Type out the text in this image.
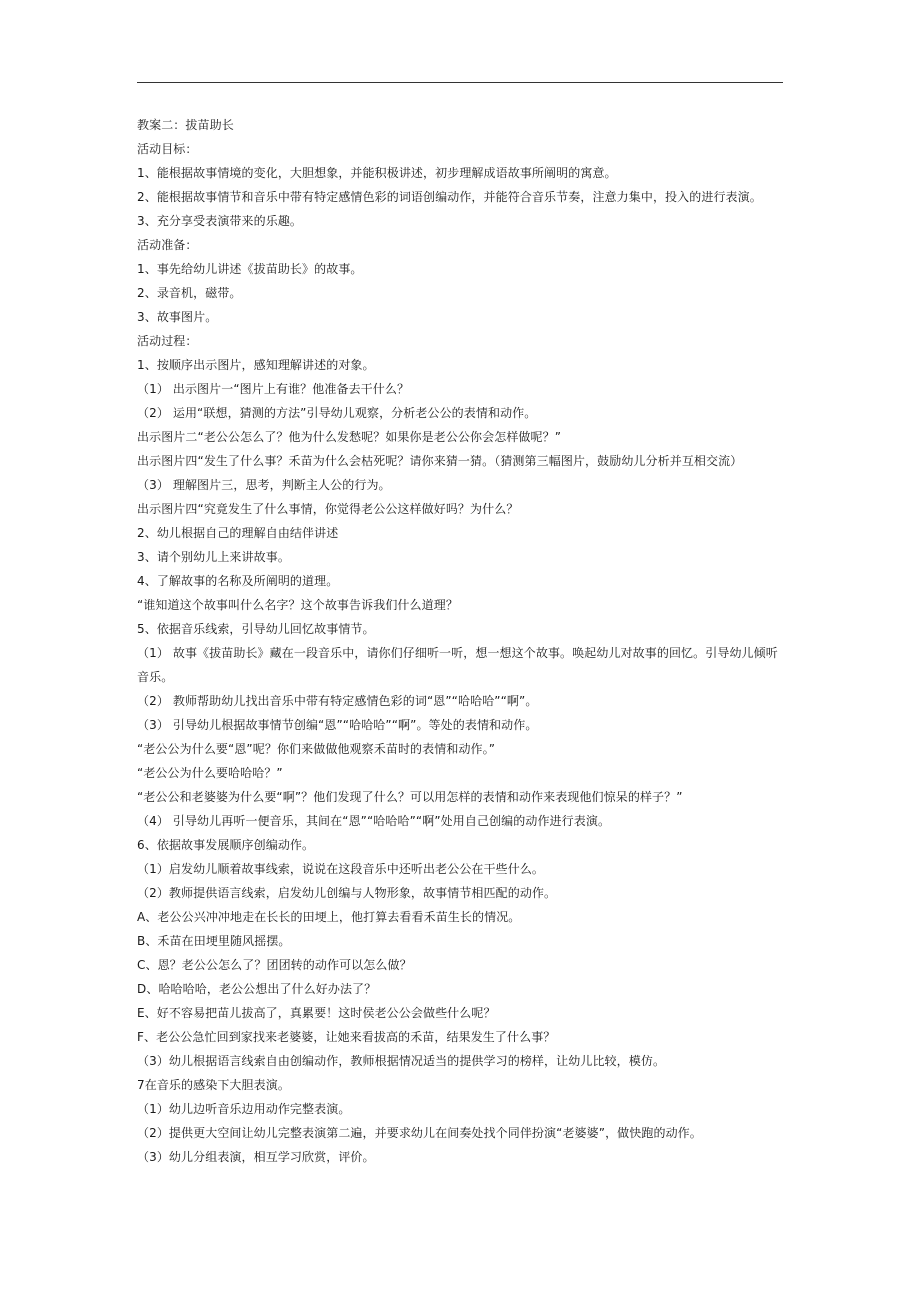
教案二：拔苗助长
活动目标：
1、能根据故事情境的变化，大胆想象，并能积极讲述，初步理解成语故事所阐明的寓意。
2、能根据故事情节和音乐中带有特定感情色彩的词语创编动作，并能符合音乐节奏，注意力集中，投入的进行表演。
3、充分享受表演带来的乐趣。
活动准备：
1、事先给幼儿讲述《拔苗助长》的故事。
2、录音机，磁带。
3、故事图片。
活动过程：
1、按顺序出示图片，感知理解讲述的对象。
（1） 出示图片一“图片上有谁？他准备去干什么？
（2） 运用“联想，猜测的方法”引导幼儿观察，分析老公公的表情和动作。
出示图片二“老公公怎么了？他为什么发愁呢？如果你是老公公你会怎样做呢？”
出示图片四“发生了什么事？禾苗为什么会枯死呢？请你来猜一猜。（猜测第三幅图片，鼓励幼儿分析并互相交流）
（3） 理解图片三，思考，判断主人公的行为。
出示图片四“究竟发生了什么事情，你觉得老公公这样做好吗？为什么？
2、幼儿根据自己的理解自由结伴讲述
3、请个别幼儿上来讲故事。
4、了解故事的名称及所阐明的道理。
“谁知道这个故事叫什么名字？这个故事告诉我们什么道理？
5、依据音乐线索，引导幼儿回忆故事情节。
（1） 故事《拔苗助长》藏在一段音乐中，请你们仔细听一听，想一想这个故事。唤起幼儿对故事的回忆。引导幼儿倾听音乐。
（2） 教师帮助幼儿找出音乐中带有特定感情色彩的词“恩”“哈哈哈”“啊”。
（3） 引导幼儿根据故事情节创编“恩”“哈哈哈”“啊”。等处的表情和动作。
“老公公为什么要“恩”呢？你们来做做他观察禾苗时的表情和动作。”
“老公公为什么要哈哈哈？”
“老公公和老婆婆为什么要“啊”？他们发现了什么？可以用怎样的表情和动作来表现他们惊呆的样子？”
（4） 引导幼儿再听一便音乐，其间在“恩”“哈哈哈”“啊”处用自己创编的动作进行表演。
6、依据故事发展顺序创编动作。
（1）启发幼儿顺着故事线索，说说在这段音乐中还听出老公公在干些什么。
（2）教师提供语言线索，启发幼儿创编与人物形象，故事情节相匹配的动作。
A、老公公兴冲冲地走在长长的田埂上，他打算去看看禾苗生长的情况。
B、禾苗在田埂里随风摇摆。
C、恩？老公公怎么了？团团转的动作可以怎么做？
D、哈哈哈哈，老公公想出了什么好办法了？
E、好不容易把苗儿拔高了，真累要！这时侯老公公会做些什么呢？
F、老公公急忙回到家找来老婆婆，让她来看拔高的禾苗，结果发生了什么事？
（3）幼儿根据语言线索自由创编动作，教师根据情况适当的提供学习的榜样，让幼儿比较，模仿。
7在音乐的感染下大胆表演。
（1）幼儿边听音乐边用动作完整表演。
（2）提供更大空间让幼儿完整表演第二遍，并要求幼儿在间奏处找个同伴扮演“老婆婆”，做快跑的动作。
（3）幼儿分组表演，相互学习欣赏，评价。
